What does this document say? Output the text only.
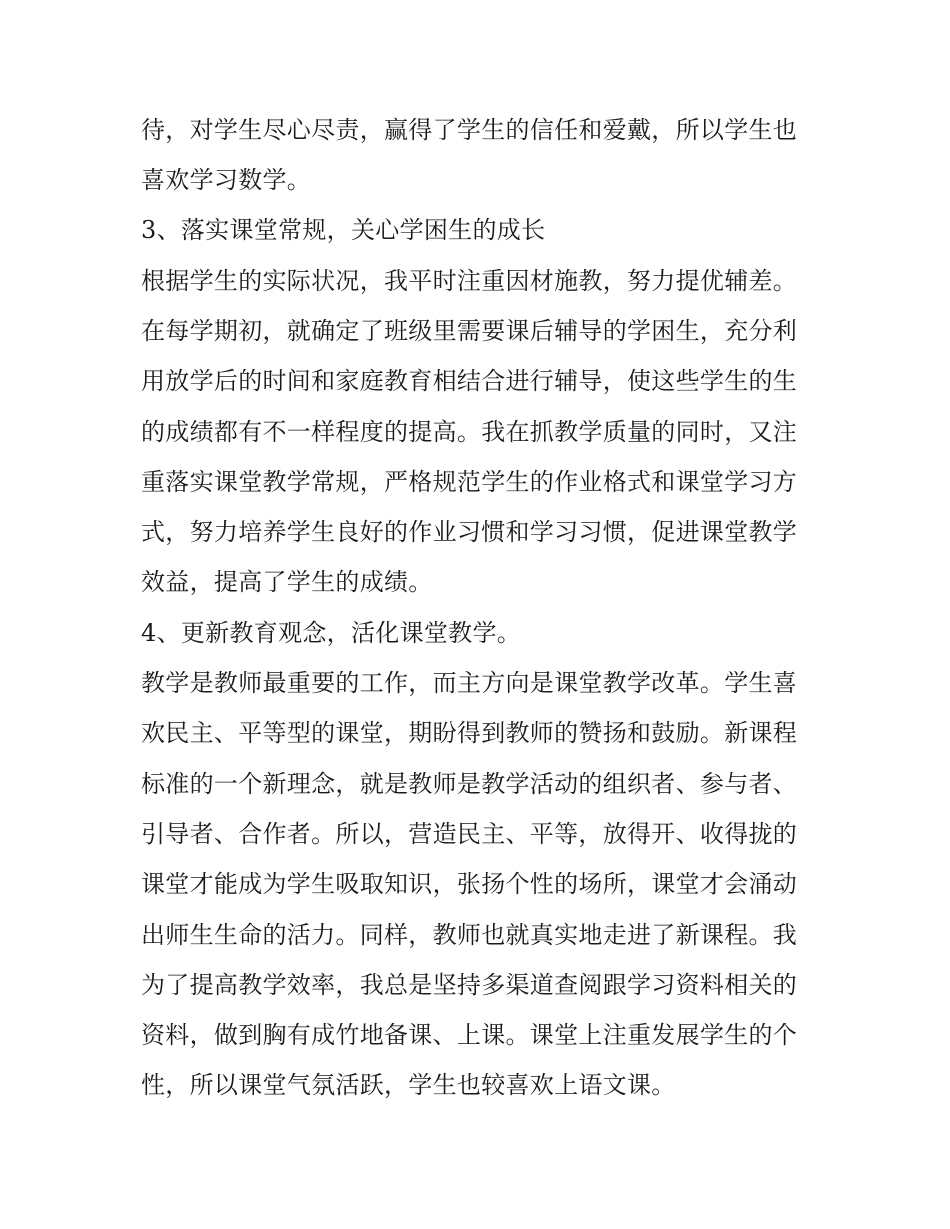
待，对学生尽心尽责，赢得了学生的信任和爱戴，所以学生也
喜欢学习数学。
3、落实课堂常规，关心学困生的成长
根据学生的实际状况，我平时注重因材施教，努力提优辅差。
在每学期初，就确定了班级里需要课后辅导的学困生，充分利
用放学后的时间和家庭教育相结合进行辅导，使这些学生的生
的成绩都有不一样程度的提高。我在抓教学质量的同时，又注
重落实课堂教学常规，严格规范学生的作业格式和课堂学习方
式，努力培养学生良好的作业习惯和学习习惯，促进课堂教学
效益，提高了学生的成绩。
4、更新教育观念，活化课堂教学。
教学是教师最重要的工作，而主方向是课堂教学改革。学生喜
欢民主、平等型的课堂，期盼得到教师的赞扬和鼓励。新课程
标准的一个新理念，就是教师是教学活动的组织者、参与者、
引导者、合作者。所以，营造民主、平等，放得开、收得拢的
课堂才能成为学生吸取知识，张扬个性的场所，课堂才会涌动
出师生生命的活力。同样，教师也就真实地走进了新课程。我
为了提高教学效率，我总是坚持多渠道查阅跟学习资料相关的
资料，做到胸有成竹地备课、上课。课堂上注重发展学生的个
性，所以课堂气氛活跃，学生也较喜欢上语文课。
